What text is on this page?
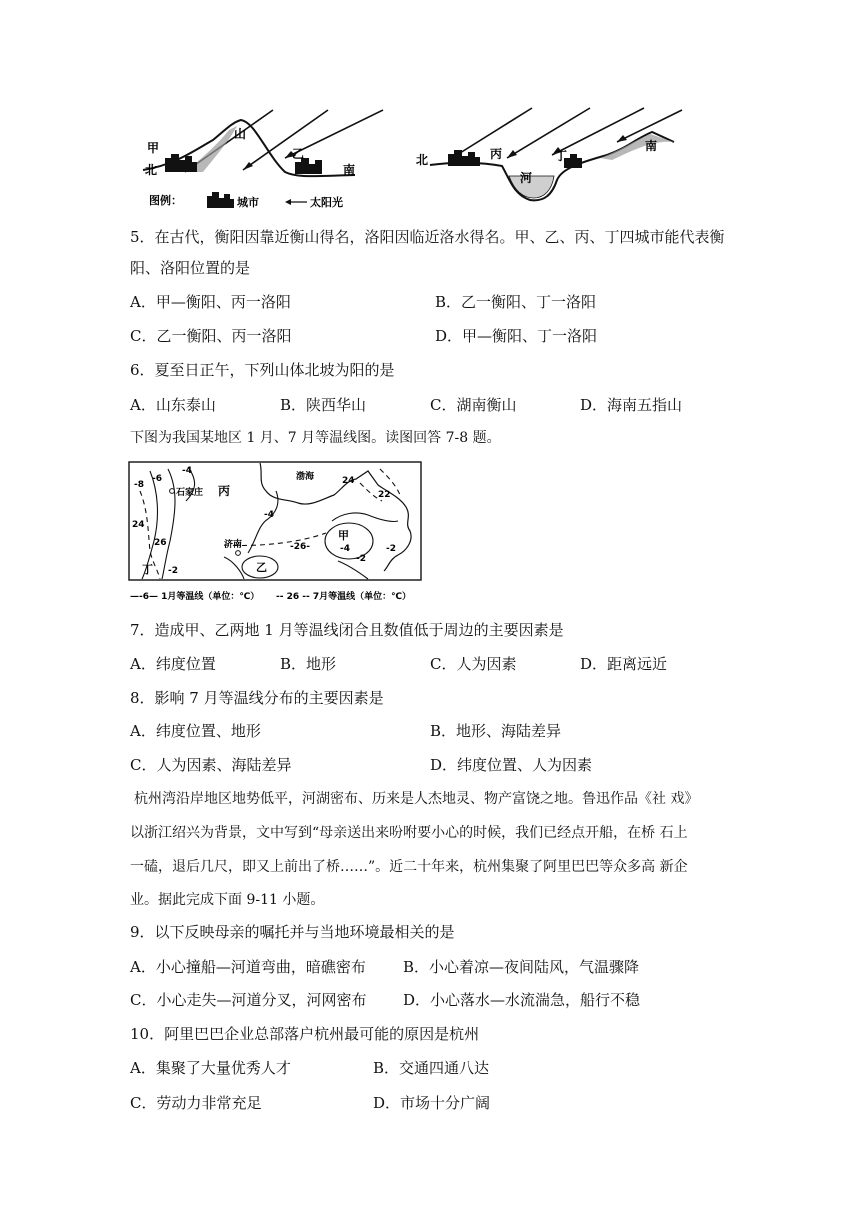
甲
山
乙
北	南
图例：	城市	太阳光
北	丙	丁
河
南
5．在古代，衡阳因靠近衡山得名，洛阳因临近洛水得名。甲、乙、丙、丁四城市能代表衡
阳、洛阳位置的是
A．甲—衡阳、丙一洛阳	B．乙一衡阳、丁一洛阳
C．乙一衡阳、丙一洛阳	D．甲—衡阳、丁一洛阳
6．夏至日正午，下列山体北坡为阳的是
A．山东泰山	B．陕西华山	C．湖南衡山	D．海南五指山
下图为我国某地区 1 月、7 月等温线图。读图回答 7-8 题。
石家庄 丙
渤海
济南
甲
乙
丁
-4
-6
-8
24
26
-4
-26-	-4
-2
-2
24
22
-2
—-6— 1月等温线（单位：℃） -- 26 -- 7月等温线（单位：℃）
7．造成甲、乙两地 1 月等温线闭合且数值低于周边的主要因素是
A．纬度位置	B．地形	C．人为因素	D．距离远近
8．影响 7 月等温线分布的主要因素是
A．纬度位置、地形	B．地形、海陆差异
C．人为因素、海陆差异	D．纬度位置、人为因素
杭州湾沿岸地区地势低平，河湖密布、历来是人杰地灵、物产富饶之地。鲁迅作品《社 戏》
以浙江绍兴为背景，文中写到“母亲送出来吩咐要小心的时候，我们已经点开船，在桥 石上
一磕，退后几尺，即又上前出了桥……”。近二十年来，杭州集聚了阿里巴巴等众多高 新企
业。据此完成下面 9-11 小题。
9．以下反映母亲的嘱托并与当地环境最相关的是
A．小心撞船—河道弯曲，暗礁密布 B．小心着凉—夜间陆风，气温骤降
C．小心走失—河道分叉，河网密布 D．小心落水—水流湍急，船行不稳
10．阿里巴巴企业总部落户杭州最可能的原因是杭州
A．集聚了大量优秀人才	B．交通四通八达
C．劳动力非常充足	D．市场十分广阔
